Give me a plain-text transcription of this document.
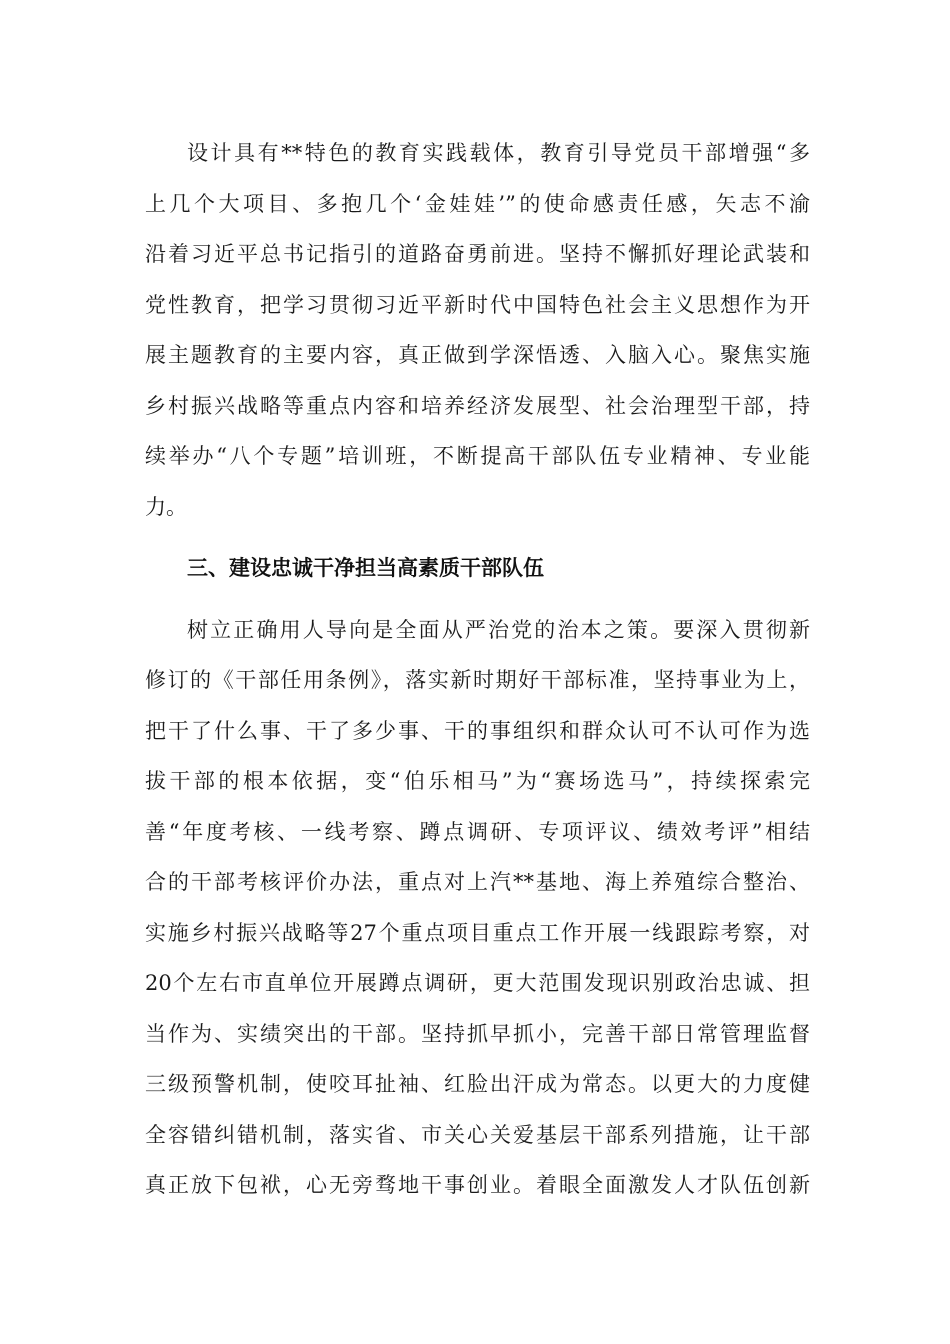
设计具有**特色的教育实践载体，教育引导党员干部增强“多
上几个大项目、多抱几个‘金娃娃’”的使命感责任感，矢志不渝
沿着习近平总书记指引的道路奋勇前进。坚持不懈抓好理论武装和
党性教育，把学习贯彻习近平新时代中国特色社会主义思想作为开
展主题教育的主要内容，真正做到学深悟透、入脑入心。聚焦实施
乡村振兴战略等重点内容和培养经济发展型、社会治理型干部，持
续举办“八个专题”培训班，不断提高干部队伍专业精神、专业能
力。
三、建设忠诚干净担当高素质干部队伍
树立正确用人导向是全面从严治党的治本之策。要深入贯彻新
修订的《干部任用条例》，落实新时期好干部标准，坚持事业为上，
把干了什么事、干了多少事、干的事组织和群众认可不认可作为选
拔干部的根本依据，变“伯乐相马”为“赛场选马”，持续探索完
善“年度考核、一线考察、蹲点调研、专项评议、绩效考评”相结
合的干部考核评价办法，重点对上汽**基地、海上养殖综合整治、
实施乡村振兴战略等27个重点项目重点工作开展一线跟踪考察，对
20个左右市直单位开展蹲点调研，更大范围发现识别政治忠诚、担
当作为、实绩突出的干部。坚持抓早抓小，完善干部日常管理监督
三级预警机制，使咬耳扯袖、红脸出汗成为常态。以更大的力度健
全容错纠错机制，落实省、市关心关爱基层干部系列措施，让干部
真正放下包袱，心无旁骛地干事创业。着眼全面激发人才队伍创新
